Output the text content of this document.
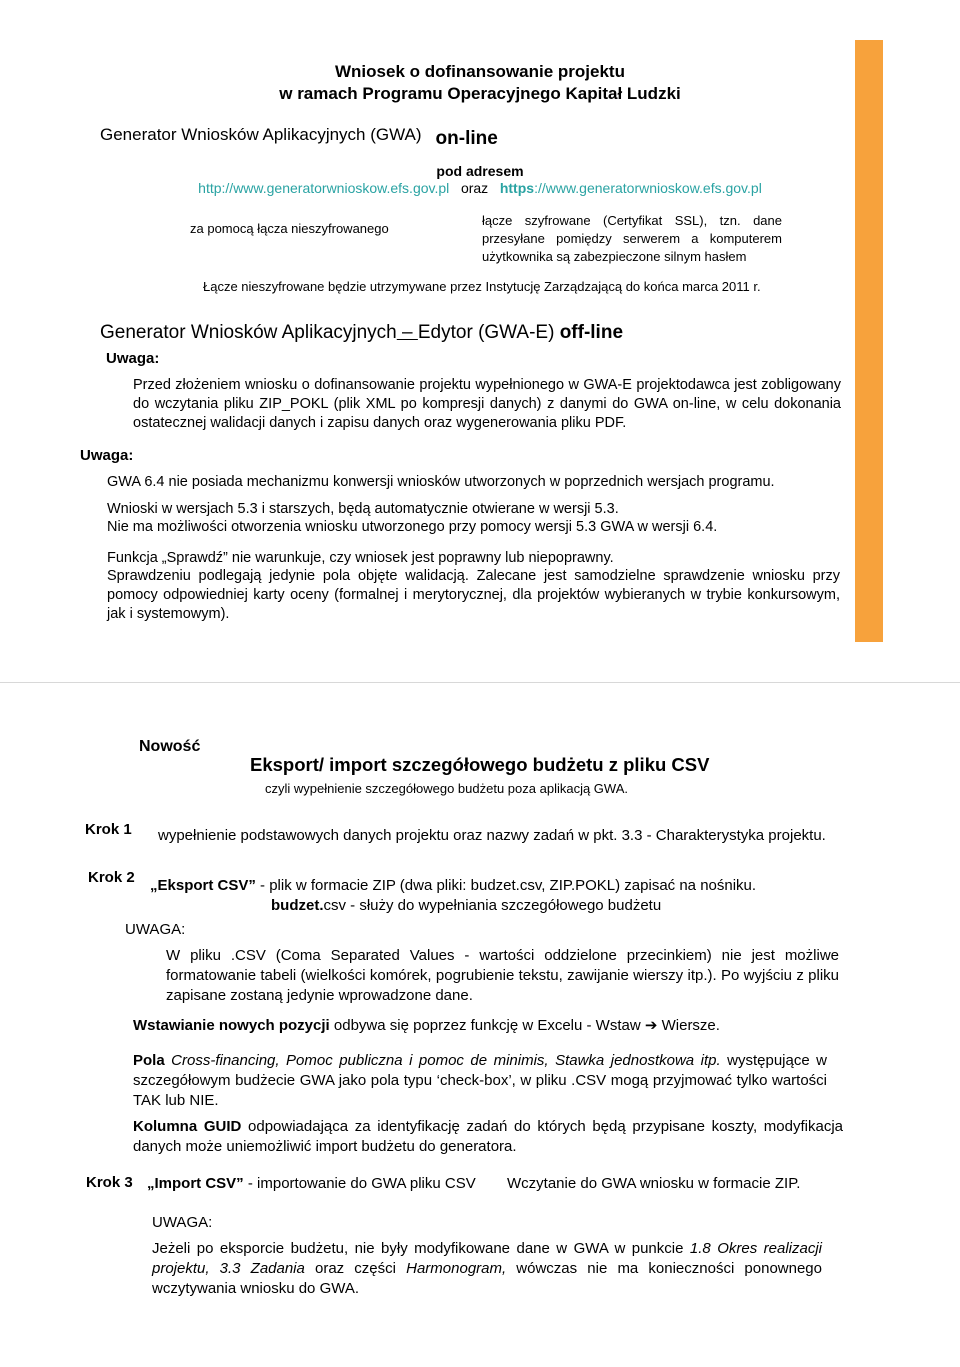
Wniosek o dofinansowanie projektu
w ramach Programu Operacyjnego Kapitał Ludzki
Generator Wniosków Aplikacyjnych (GWA) on-line
pod adresem
http://www.generatorwnioskow.efs.gov.pl oraz https://www.generatorwnioskow.efs.gov.pl
za pomocą łącza nieszyfrowanego
łącze szyfrowane (Certyfikat SSL), tzn. dane przesyłane pomiędzy serwerem a komputerem użytkownika są zabezpieczone silnym hasłem
Łącze nieszyfrowane będzie utrzymywane przez Instytucję Zarządzającą do końca marca 2011 r.
Generator Wniosków Aplikacyjnych – Edytor (GWA-E) off-line
Uwaga:
Przed złożeniem wniosku o dofinansowanie projektu wypełnionego w GWA-E projektodawca jest zobligowany do wczytania pliku ZIP_POKL (plik XML po kompresji danych) z danymi do GWA on-line, w celu dokonania ostatecznej walidacji danych i zapisu danych oraz wygenerowania pliku PDF.
Uwaga:
GWA 6.4 nie posiada mechanizmu konwersji wniosków utworzonych w poprzednich wersjach programu.
Wnioski w wersjach 5.3 i starszych, będą automatycznie otwierane w wersji 5.3.
Nie ma możliwości otworzenia wniosku utworzonego przy pomocy wersji 5.3 GWA w wersji 6.4.
Funkcja „Sprawdź” nie warunkuje, czy wniosek jest poprawny lub niepoprawny.
Sprawdzeniu podlegają jedynie pola objęte walidacją. Zalecane jest samodzielne sprawdzenie wniosku przy pomocy odpowiedniej karty oceny (formalnej i merytorycznej, dla projektów wybieranych w trybie konkursowym, jak i systemowym).
Nowość
Eksport/ import szczegółowego budżetu z pliku CSV
czyli wypełnienie szczegółowego budżetu poza aplikacją GWA.
Krok 1 wypełnienie podstawowych danych projektu oraz nazwy zadań w pkt. 3.3 - Charakterystyka projektu.
Krok 2 „Eksport CSV” - plik w formacie ZIP (dwa pliki: budzet.csv, ZIP.POKL) zapisać na nośniku.
budzet.csv - służy do wypełniania szczegółowego budżetu
UWAGA:
W pliku .CSV (Coma Separated Values - wartości oddzielone przecinkiem) nie jest możliwe formatowanie tabeli (wielkości komórek, pogrubienie tekstu, zawijanie wierszy itp.). Po wyjściu z pliku zapisane zostaną jedynie wprowadzone dane.
Wstawianie nowych pozycji odbywa się poprzez funkcję w Excelu - Wstaw ➔ Wiersze.
Pola Cross-financing, Pomoc publiczna i pomoc de minimis, Stawka jednostkowa itp. występujące w szczegółowym budżecie GWA jako pola typu ‘check-box’, w pliku .CSV mogą przyjmować tylko wartości TAK lub NIE.
Kolumna GUID odpowiadająca za identyfikację zadań do których będą przypisane koszty, modyfikacja danych może uniemożliwić import budżetu do generatora.
Krok 3 „Import CSV” - importowanie do GWA pliku CSV Wczytanie do GWA wniosku w formacie ZIP.
UWAGA:
Jeżeli po eksporcie budżetu, nie były modyfikowane dane w GWA w punkcie 1.8 Okres realizacji projektu, 3.3 Zadania oraz części Harmonogram, wówczas nie ma konieczności ponownego wczytywania wniosku do GWA.
